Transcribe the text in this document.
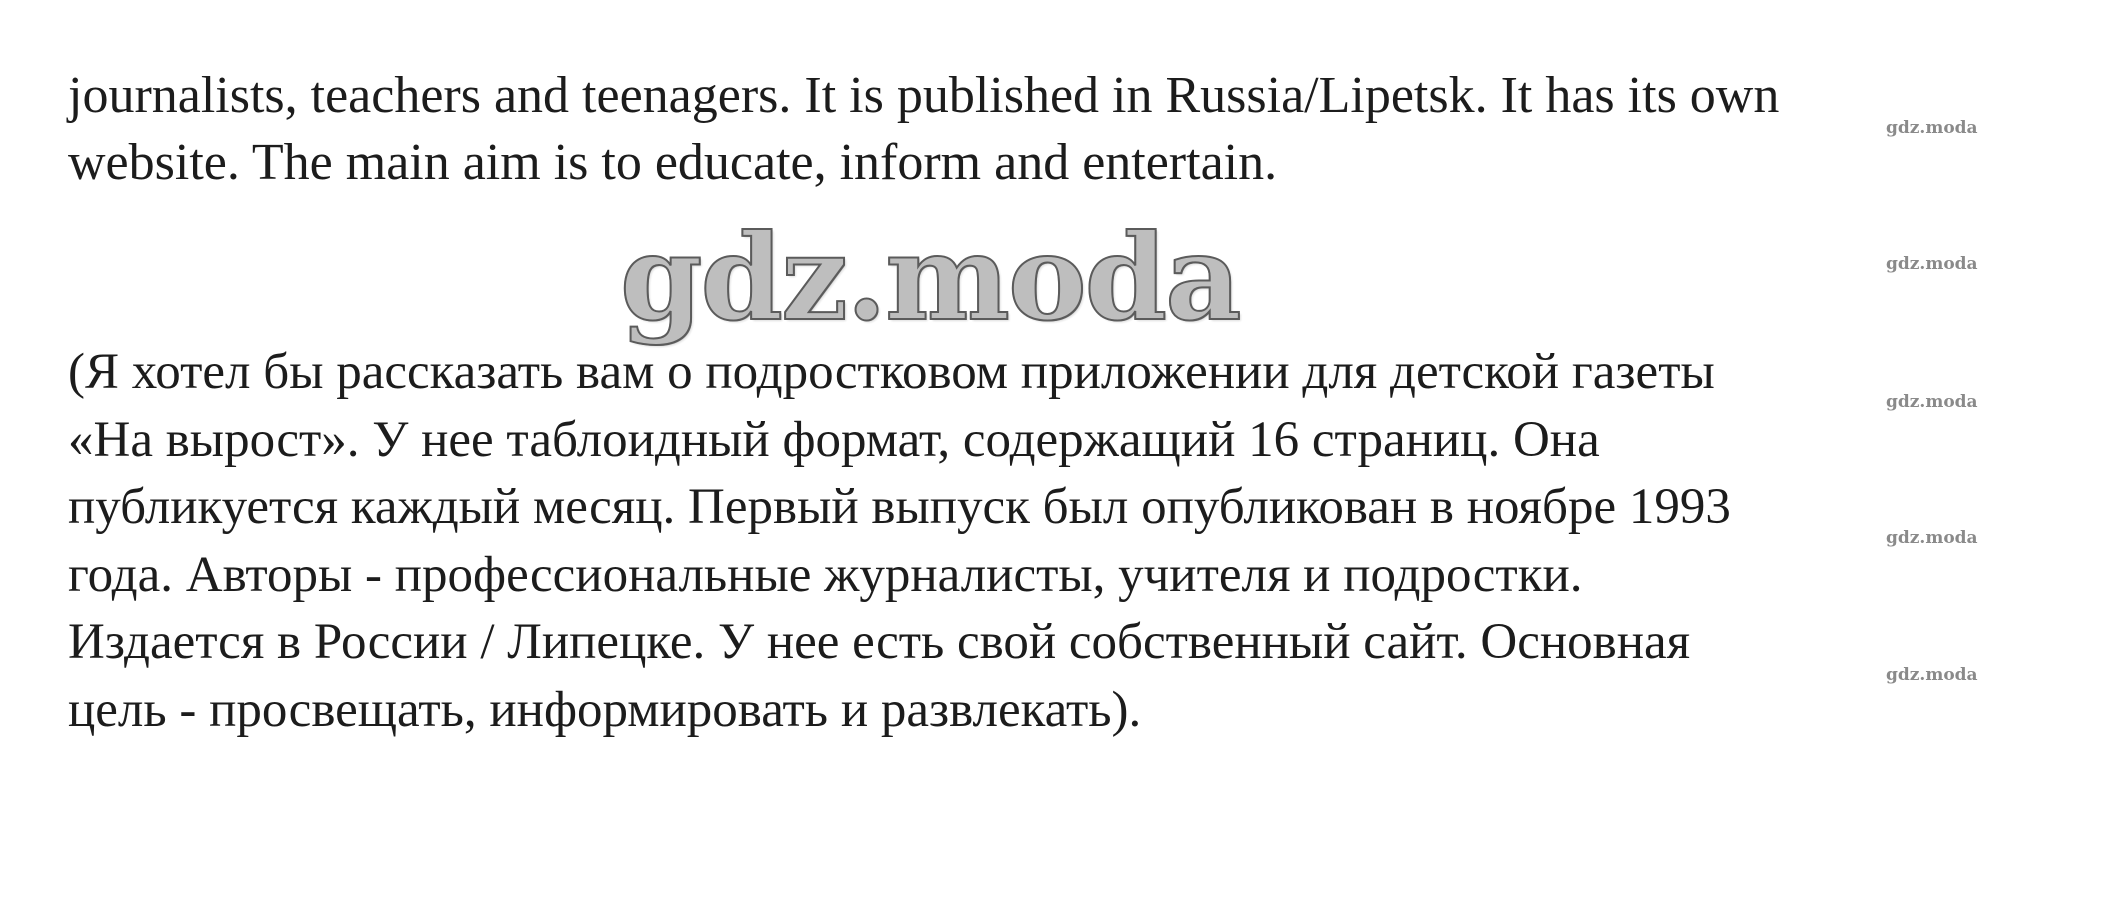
journalists, teachers and teenagers. It is published in Russia/Lipetsk. It has its own
website. The main aim is to educate, inform and entertain.
gdz.moda
(Я хотел бы рассказать вам о подростковом приложении для детской газеты
«На вырост». У нее таблоидный формат, содержащий 16 страниц. Она
публикуется каждый месяц. Первый выпуск был опубликован в ноябре 1993
года. Авторы - профессиональные журналисты, учителя и подростки.
Издается в России / Липецке. У нее есть свой собственный сайт. Основная
цель - просвещать, информировать и развлекать).
gdz.moda
gdz.moda
gdz.moda
gdz.moda
gdz.moda
